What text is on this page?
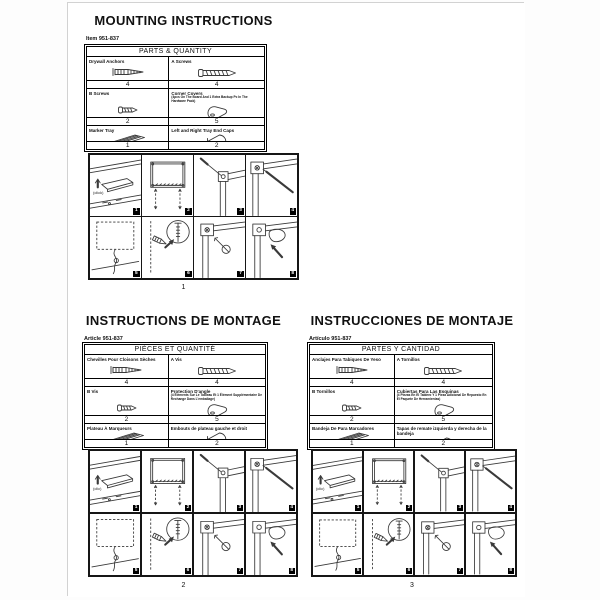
MOUNTING INSTRUCTIONS
Item 951-837
PARTS & QUANTITY
Drywall Anchors	A Screws
4	4
B Screws	Corner Covers
(4pcs On The Board And 1 Extra Backup Pc In The Hardware Pack)
2	5
Marker Tray	Left and Right Tray End Caps
1	2
(click)
1	2	3	4
5	6	7	8
1
INSTRUCTIONS DE MONTAGE
Article 951-837
PIÈCES ET QUANTITÉ
Chevilles Pour Cloisons Sèches	A Vis
4	4
B Vis	Protection D'angle
(4 Éléments Sur Le Tableau Et 1 Élément Supplémentaire De Rechange Dans L'emballage)
2	5
Plateau À Marqueurs	Embouts de plateau gauche et droit
1	2
(clic)
1	2	3	4
5	6	7	8
2
INSTRUCCIONES DE MONTAJE
Artículo 951-837
PARTES Y CANTIDAD
Anclajes Para Tabiques De Yeso	A Tornillos
4	4
B Tornillos	Cubiertas Para Las Esquinas
(4 Piezas En El Tablero Y 1 Pieza Adicional De Repuesto En El Paquete De Herramientas)
2	5
Bandeja De Para Marcadores	Tapas de remate izquierda y derecha de la bandeja
1	2
(clic)
1	2	3	4
5	6	7	8
3
